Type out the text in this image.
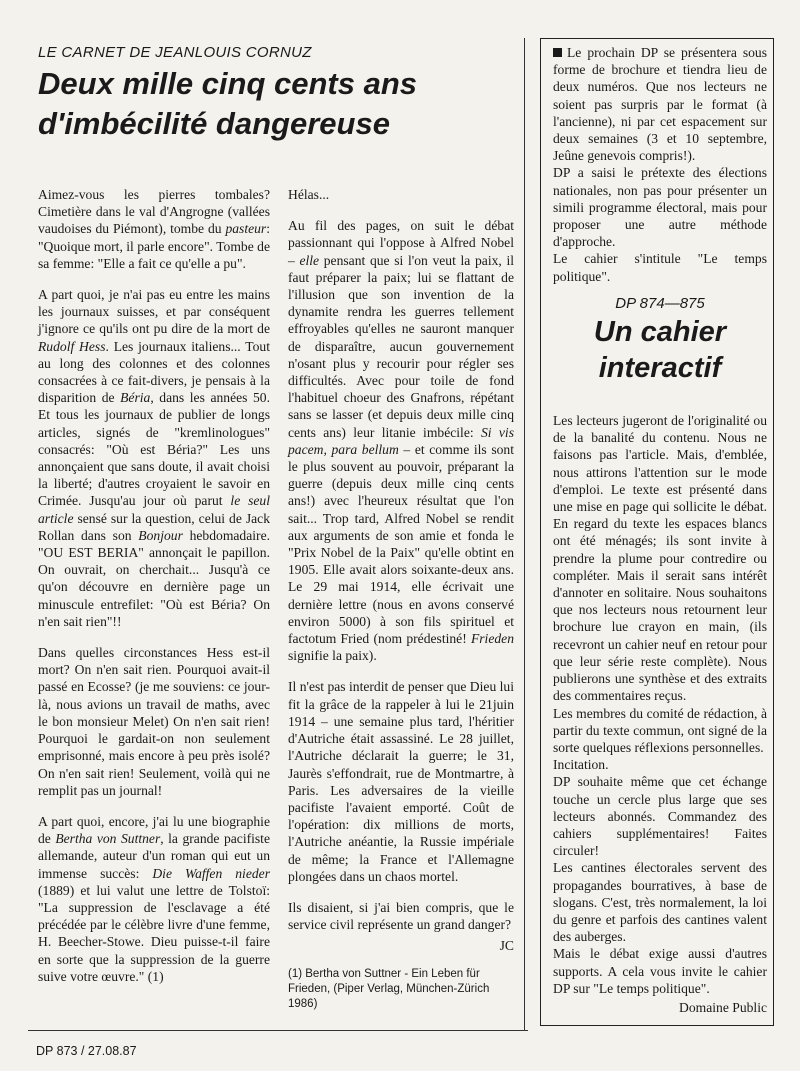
LE CARNET DE JEANLOUIS CORNUZ
Deux mille cinq cents ans
d'imbécilité dangereuse

Aimez-vous les pierres tombales? Cimetière dans le val d'Angrogne (vallées vaudoises du Piémont), tombe du pasteur: "Quoique mort, il parle encore". Tombe de sa femme: "Elle a fait ce qu'elle a pu".

A part quoi, je n'ai pas eu entre les mains les journaux suisses, et par conséquent j'ignore ce qu'ils ont pu dire de la mort de Rudolf Hess. Les journaux italiens... Tout au long des colonnes et des colonnes consacrées à ce fait-divers, je pensais à la disparition de Béria, dans les années 50. Et tous les journaux de publier de longs articles, signés de "kremlinologues" consacrés: "Où est Béria?" Les uns annonçaient que sans doute, il avait choisi la liberté; d'autres croyaient le savoir en Crimée. Jusqu'au jour où parut le seul article sensé sur la question, celui de Jack Rollan dans son Bonjour hebdomadaire. "OU EST BERIA" annonçait le papillon. On ouvrait, on cherchait... Jusqu'à ce qu'on découvre en dernière page un minuscule entrefilet: "Où est Béria? On n'en sait rien"!!

Dans quelles circonstances Hess est-il mort? On n'en sait rien. Pourquoi avait-il passé en Ecosse? (je me souviens: ce jour-là, nous avions un travail de maths, avec le bon monsieur Melet) On n'en sait rien! Pourquoi le gardait-on non seulement emprisonné, mais encore à peu près isolé? On n'en sait rien! Seulement, voilà qui ne remplit pas un journal!

A part quoi, encore, j'ai lu une biographie de Bertha von Suttner, la grande pacifiste allemande, auteur d'un roman qui eut un immense succès: Die Waffen nieder (1889) et lui valut une lettre de Tolstoï: "La suppression de l'esclavage a été précédée par le célèbre livre d'une femme, H. Beecher-Stowe. Dieu puisse-t-il faire en sorte que la suppression de la guerre suive votre œuvre." (1)

Hélas...

Au fil des pages, on suit le débat passionnant qui l'oppose à Alfred Nobel – elle pensant que si l'on veut la paix, il faut préparer la paix; lui se flattant de l'illusion que son invention de la dynamite rendra les guerres tellement effroyables qu'elles ne sauront manquer de disparaître, aucun gouvernement n'osant plus y recourir pour régler ses difficultés. Avec pour toile de fond l'habituel choeur des Gnafrons, répétant sans se lasser (et depuis deux mille cinq cents ans) leur litanie imbécile: Si vis pacem, para bellum – et comme ils sont le plus souvent au pouvoir, préparant la guerre (depuis deux mille cinq cents ans!) avec l'heureux résultat que l'on sait... Trop tard, Alfred Nobel se rendit aux arguments de son amie et fonda le "Prix Nobel de la Paix" qu'elle obtint en 1905. Elle avait alors soixante-deux ans. Le 29 mai 1914, elle écrivait une dernière lettre (nous en avons conservé environ 5000) à son fils spirituel et factotum Fried (nom prédestiné! Frieden signifie la paix).

Il n'est pas interdit de penser que Dieu lui fit la grâce de la rappeler à lui le 21juin 1914 – une semaine plus tard, l'héritier d'Autriche était assassiné. Le 28 juillet, l'Autriche déclarait la guerre; le 31, Jaurès s'effondrait, rue de Montmartre, à Paris. Les adversaires de la vieille pacifiste l'avaient emporté. Coût de l'opération: dix millions de morts, l'Autriche anéantie, la Russie impériale de même; la France et l'Allemagne plongées dans un chaos mortel.

Ils disaient, si j'ai bien compris, que le service civil représente un grand danger?

JC
(1) Bertha von Suttner - Ein Leben für Frieden, (Piper Verlag, München-Zürich 1986)

Le prochain DP se présentera sous forme de brochure et tiendra lieu de deux numéros. Que nos lecteurs ne soient pas surpris par le format (à l'ancienne), ni par cet espacement sur deux semaines (3 et 10 septembre, Jeûne genevois compris!).

DP a saisi le prétexte des élections nationales, non pas pour présenter un simili programme électoral, mais pour proposer une autre méthode d'approche.

Le cahier s'intitule "Le temps politique".

DP 874—875
Un cahier
interactif

Les lecteurs jugeront de l'originalité ou de la banalité du contenu. Nous ne faisons pas l'article. Mais, d'emblée, nous attirons l'attention sur le mode d'emploi. Le texte est présenté dans une mise en page qui sollicite le débat. En regard du texte les espaces blancs ont été ménagés; ils sont invite à prendre la plume pour contredire ou compléter. Mais il serait sans intérêt d'annoter en solitaire. Nous souhaitons que nos lecteurs nous retournent leur brochure lue crayon en main, (ils recevront un cahier neuf en retour pour que leur série reste complète). Nous publierons une synthèse et des extraits des commentaires reçus.

Les membres du comité de rédaction, à partir du texte commun, ont signé de la sorte quelques réflexions personnelles.

Incitation.

DP souhaite même que cet échange touche un cercle plus large que ses lecteurs abonnés. Commandez des cahiers supplémentaires! Faites circuler!

Les cantines électorales servent des propagandes bourratives, à base de slogans. C'est, très normalement, la loi du genre et parfois des cantines valent des auberges.

Mais le débat exige aussi d'autres supports. A cela vous invite le cahier DP sur "Le temps politique".

Domaine Public
DP 873 / 27.08.87
